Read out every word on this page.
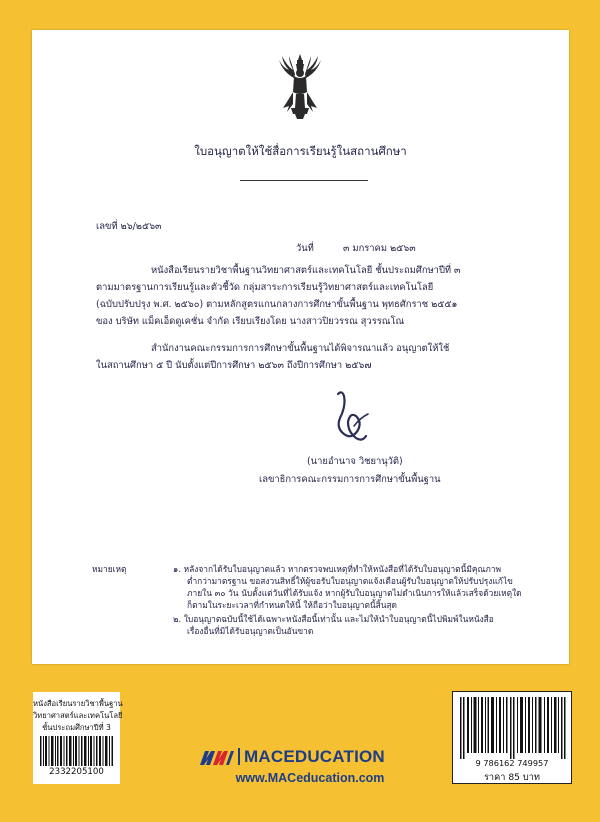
ใบอนุญาตให้ใช้สื่อการเรียนรู้ในสถานศึกษา
เลขที่ ๒๖/๒๕๖๓
วันที่	๓ มกราคม ๒๕๖๓
หนังสือเรียนรายวิชาพื้นฐานวิทยาศาสตร์และเทคโนโลยี ชั้นประถมศึกษาปีที่ ๓
ตามมาตรฐานการเรียนรู้และตัวชี้วัด กลุ่มสาระการเรียนรู้วิทยาศาสตร์และเทคโนโลยี
(ฉบับปรับปรุง พ.ศ. ๒๕๖๐) ตามหลักสูตรแกนกลางการศึกษาขั้นพื้นฐาน พุทธศักราช ๒๕๕๑
ของ บริษัท แม็คเอ็ดดูเคชั่น จำกัด เรียบเรียงโดย นางสาวปิยวรรณ สุวรรณโณ
สำนักงานคณะกรรมการการศึกษาขั้นพื้นฐานได้พิจารณาแล้ว อนุญาตให้ใช้
ในสถานศึกษา ๕ ปี นับตั้งแต่ปีการศึกษา ๒๕๖๓ ถึงปีการศึกษา ๒๕๖๗
(นายอำนาจ วิชยานุวัติ)
เลขาธิการคณะกรรมการการศึกษาขั้นพื้นฐาน
หมายเหตุ	๑. หลังจากได้รับใบอนุญาตแล้ว หากตรวจพบเหตุที่ทำให้หนังสือที่ได้รับใบอนุญาตนี้มีคุณภาพ
ต่ำกว่ามาตรฐาน ขอสงวนสิทธิ์ให้ผู้ขอรับใบอนุญาตแจ้งเตือนผู้รับใบอนุญาตให้ปรับปรุงแก้ไข
ภายใน ๓๐ วัน นับตั้งแต่วันที่ได้รับแจ้ง หากผู้รับใบอนุญาตไม่ดำเนินการให้แล้วเสร็จด้วยเหตุใด
ก็ตามในระยะเวลาที่กำหนดให้นี้ ให้ถือว่าใบอนุญาตนี้สิ้นสุด
๒. ใบอนุญาตฉบับนี้ใช้ได้เฉพาะหนังสือนี้เท่านั้น และไม่ให้นำใบอนุญาตนี้ไปพิมพ์ในหนังสือ
เรื่องอื่นที่มิได้รับอนุญาตเป็นอันขาด
หนังสือเรียนรายวิชาพื้นฐาน
วิทยาศาสตร์และเทคโนโลยี
ชั้นประถมศึกษาปีที่ 3
2332205100
MACEDUCATION
www.MACeducation.com
9 786162 749957
ราคา 85 บาท
